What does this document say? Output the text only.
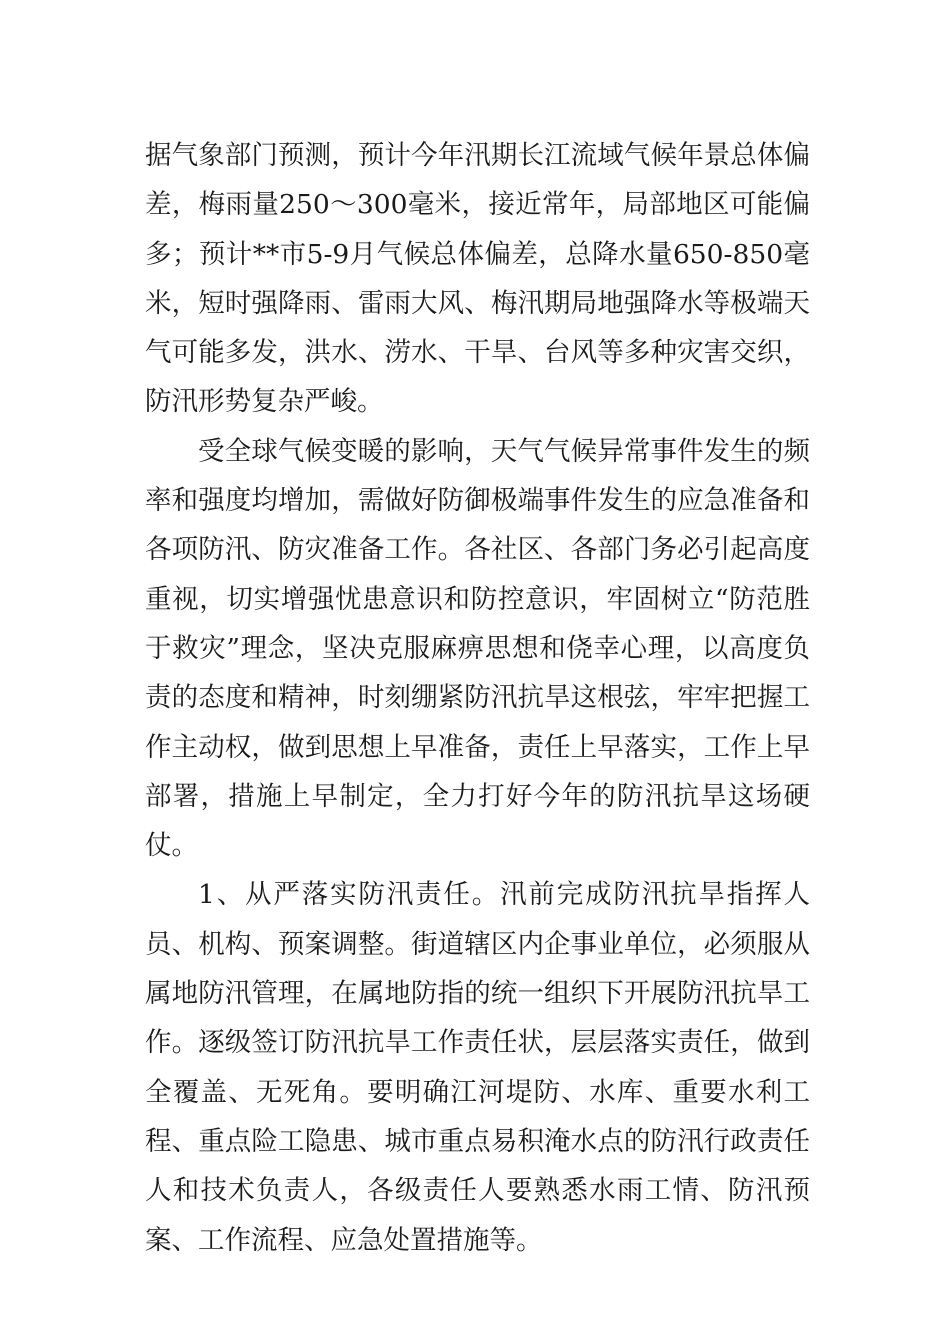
据气象部门预测，预计今年汛期长江流域气候年景总体偏差，梅雨量250～300毫米，接近常年，局部地区可能偏多；预计**市5-9月气候总体偏差，总降水量650-850毫米，短时强降雨、雷雨大风、梅汛期局地强降水等极端天气可能多发，洪水、涝水、干旱、台风等多种灾害交织，防汛形势复杂严峻。

受全球气候变暖的影响，天气气候异常事件发生的频率和强度均增加，需做好防御极端事件发生的应急准备和各项防汛、防灾准备工作。各社区、各部门务必引起高度重视，切实增强忧患意识和防控意识，牢固树立“防范胜于救灾”理念，坚决克服麻痹思想和侥幸心理，以高度负责的态度和精神，时刻绷紧防汛抗旱这根弦，牢牢把握工作主动权，做到思想上早准备，责任上早落实，工作上早部署，措施上早制定，全力打好今年的防汛抗旱这场硬仗。

1、从严落实防汛责任。汛前完成防汛抗旱指挥人员、机构、预案调整。街道辖区内企事业单位，必须服从属地防汛管理，在属地防指的统一组织下开展防汛抗旱工作。逐级签订防汛抗旱工作责任状，层层落实责任，做到全覆盖、无死角。要明确江河堤防、水库、重要水利工程、重点险工隐患、城市重点易积淹水点的防汛行政责任人和技术负责人，各级责任人要熟悉水雨工情、防汛预案、工作流程、应急处置措施等。
